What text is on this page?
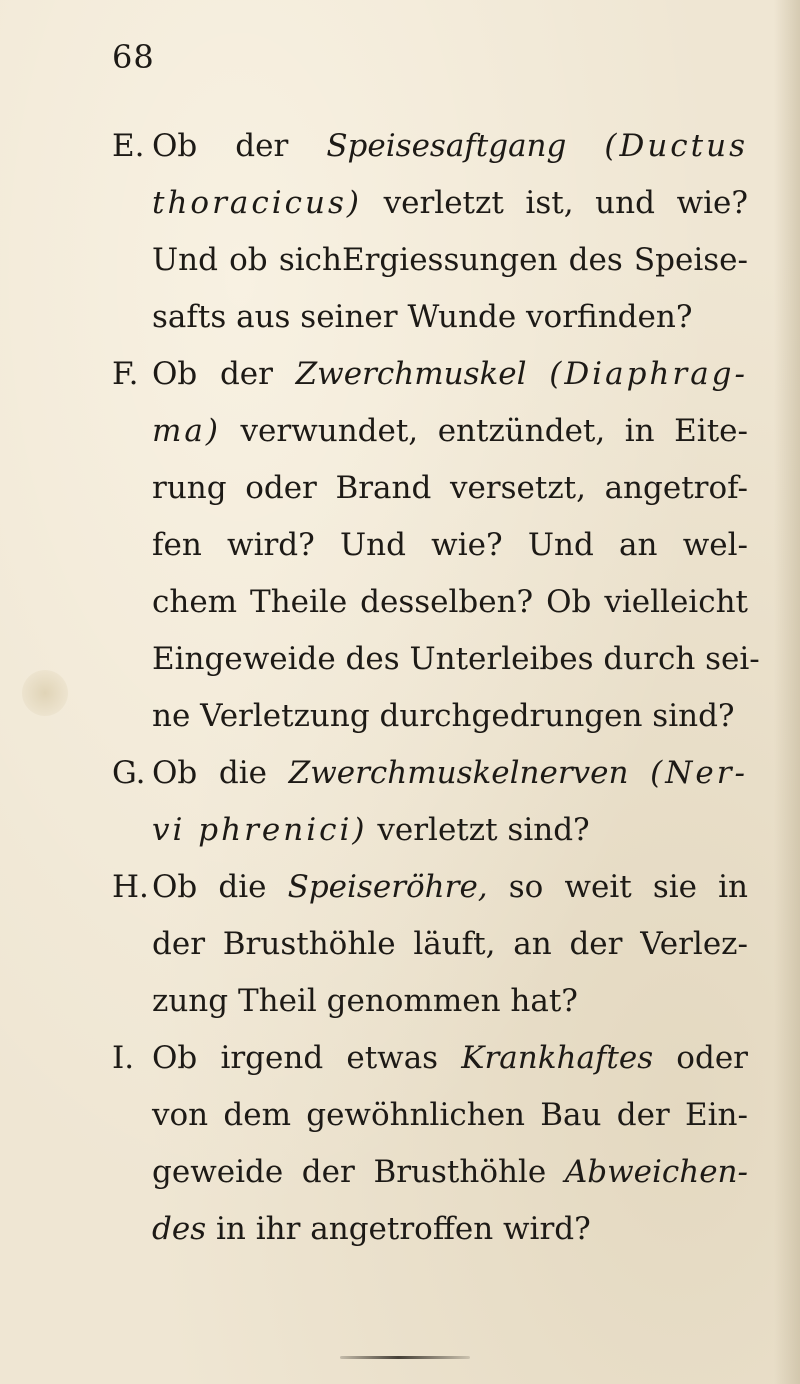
68
E. Ob der Speisesaftgang (Ductus
thoracicus) verletzt ist, und wie?
Und ob sichErgiessungen des Speise-
safts aus seiner Wunde vorfinden?
F. Ob der Zwerchmuskel (Diaphrag-
ma) verwundet, entzündet, in Eite-
rung oder Brand versetzt, angetrof-
fen wird? Und wie? Und an wel-
chem Theile desselben? Ob vielleicht
Eingeweide des Unterleibes durch sei-
ne Verletzung durchgedrungen sind?
G. Ob die Zwerchmuskelnerven (Ner-
vi phrenici) verletzt sind?
H. Ob die Speiseröhre, so weit sie in
der Brusthöhle läuft, an der Verlez-
zung Theil genommen hat?
I. Ob irgend etwas Krankhaftes oder
von dem gewöhnlichen Bau der Ein-
geweide der Brusthöhle Abweichen-
des in ihr angetroffen wird?
